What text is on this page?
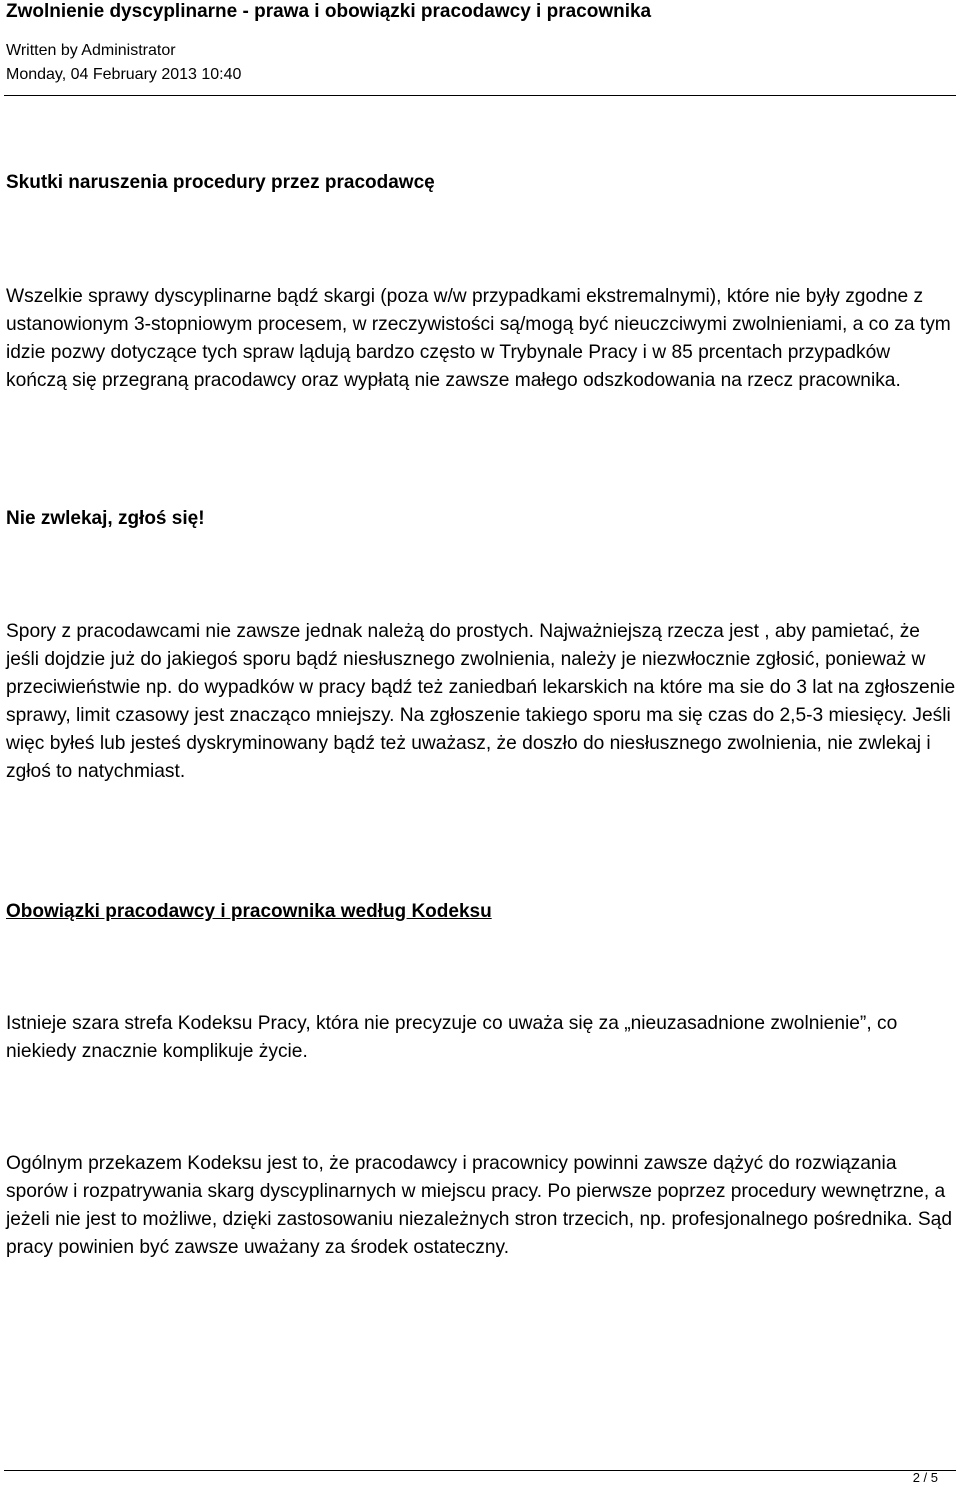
Zwolnienie dyscyplinarne - prawa i obowiązki pracodawcy i pracownika
Written by Administrator
Monday, 04 February 2013 10:40
Skutki naruszenia procedury przez pracodawcę

Wszelkie sprawy dyscyplinarne bądź skargi (poza w/w przypadkami ekstremalnymi), które nie były zgodne z ustanowionym 3-stopniowym procesem, w rzeczywistości są/mogą być nieuczciwymi zwolnieniami, a co za tym idzie pozwy dotyczące tych spraw lądują bardzo często w Trybynale Pracy i w 85 prcentach przypadków kończą się przegraną pracodawcy oraz wypłatą nie zawsze małego odszkodowania na rzecz pracownika.

Nie zwlekaj, zgłoś się!

Spory z pracodawcami nie zawsze jednak należą do prostych. Najważniejszą rzecza jest , aby pamietać, że jeśli dojdzie już do jakiegoś sporu bądź niesłusznego zwolnienia, należy je niezwłocznie zgłosić, ponieważ w przeciwieństwie np. do wypadków w pracy bądź też zaniedbań lekarskich na które ma sie do 3 lat na zgłoszenie sprawy, limit czasowy jest znacząco mniejszy. Na zgłoszenie takiego sporu ma się czas do 2,5-3 miesięcy. Jeśli więc byłeś lub jesteś dyskryminowany bądź też uważasz, że doszło do niesłusznego zwolnienia, nie zwlekaj i zgłoś to natychmiast.

Obowiązki pracodawcy i pracownika według Kodeksu

Istnieje szara strefa Kodeksu Pracy, która nie precyzuje co uważa się za „nieuzasadnione zwolnienie”, co niekiedy znacznie komplikuje życie.

Ogólnym przekazem Kodeksu jest to, że pracodawcy i pracownicy powinni zawsze dążyć do rozwiązania sporów i rozpatrywania skarg dyscyplinarnych w miejscu pracy. Po pierwsze poprzez procedury wewnętrzne, a jeżeli nie jest to możliwe, dzięki zastosowaniu niezależnych stron trzecich, np. profesjonalnego pośrednika. Sąd pracy powinien być zawsze uważany za środek ostateczny.

2 / 5
